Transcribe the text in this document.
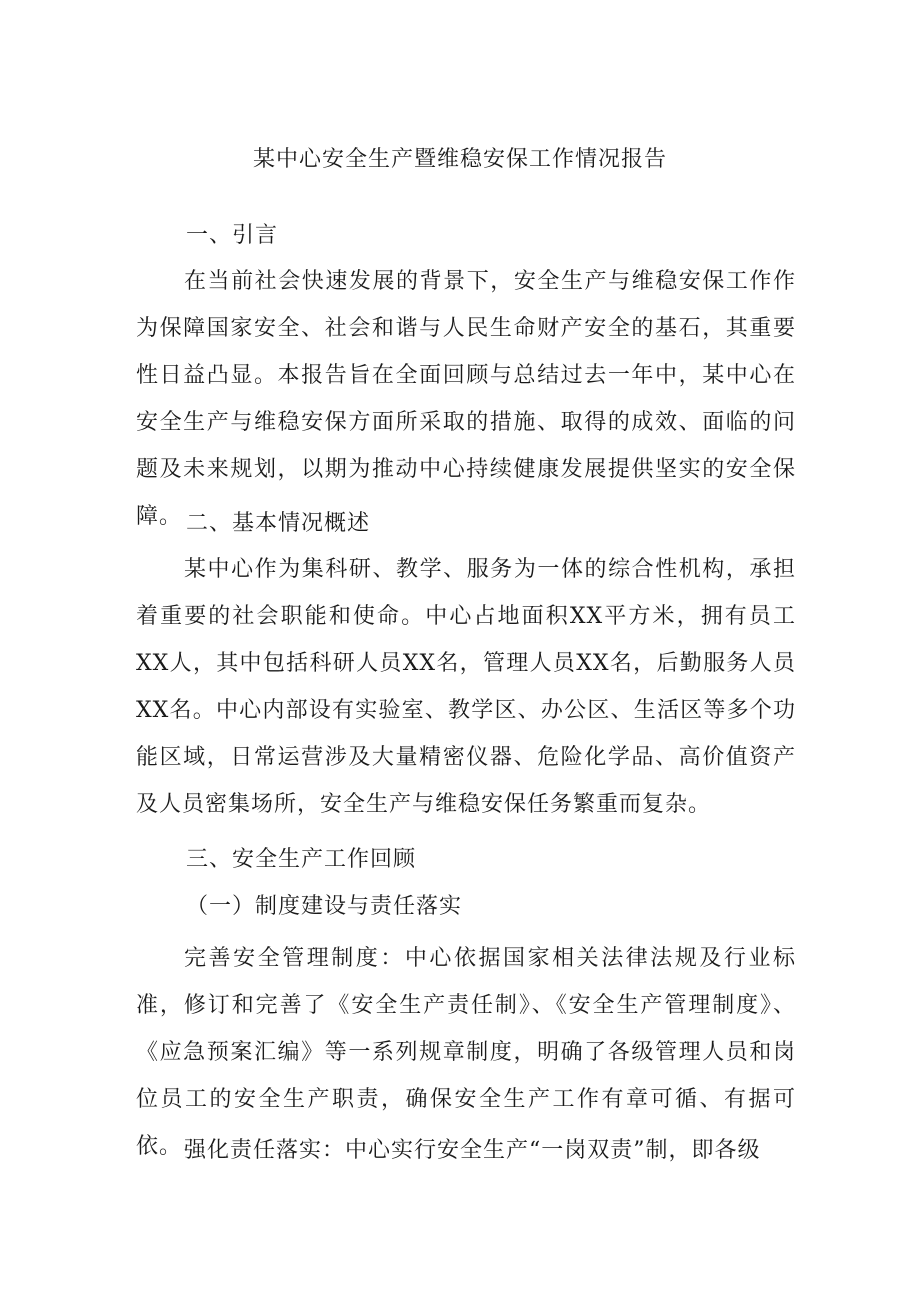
某中心安全生产暨维稳安保工作情况报告
一、引言

在当前社会快速发展的背景下，安全生产与维稳安保工作作为保障国家安全、社会和谐与人民生命财产安全的基石，其重要性日益凸显。本报告旨在全面回顾与总结过去一年中，某中心在安全生产与维稳安保方面所采取的措施、取得的成效、面临的问题及未来规划，以期为推动中心持续健康发展提供坚实的安全保障。 二、基本情况概述

某中心作为集科研、教学、服务为一体的综合性机构，承担着重要的社会职能和使命。中心占地面积XX平方米，拥有员工XX人，其中包括科研人员XX名，管理人员XX名，后勤服务人员XX名。中心内部设有实验室、教学区、办公区、生活区等多个功能区域，日常运营涉及大量精密仪器、危险化学品、高价值资产及人员密集场所，安全生产与维稳安保任务繁重而复杂。

三、安全生产工作回顾
（一）制度建设与责任落实

完善安全管理制度：中心依据国家相关法律法规及行业标准，修订和完善了《安全生产责任制》、《安全生产管理制度》、《应急预案汇编》等一系列规章制度，明确了各级管理人员和岗位员工的安全生产职责，确保安全生产工作有章可循、有据可依。 强化责任落实：中心实行安全生产“一岗双责”制，即各级
